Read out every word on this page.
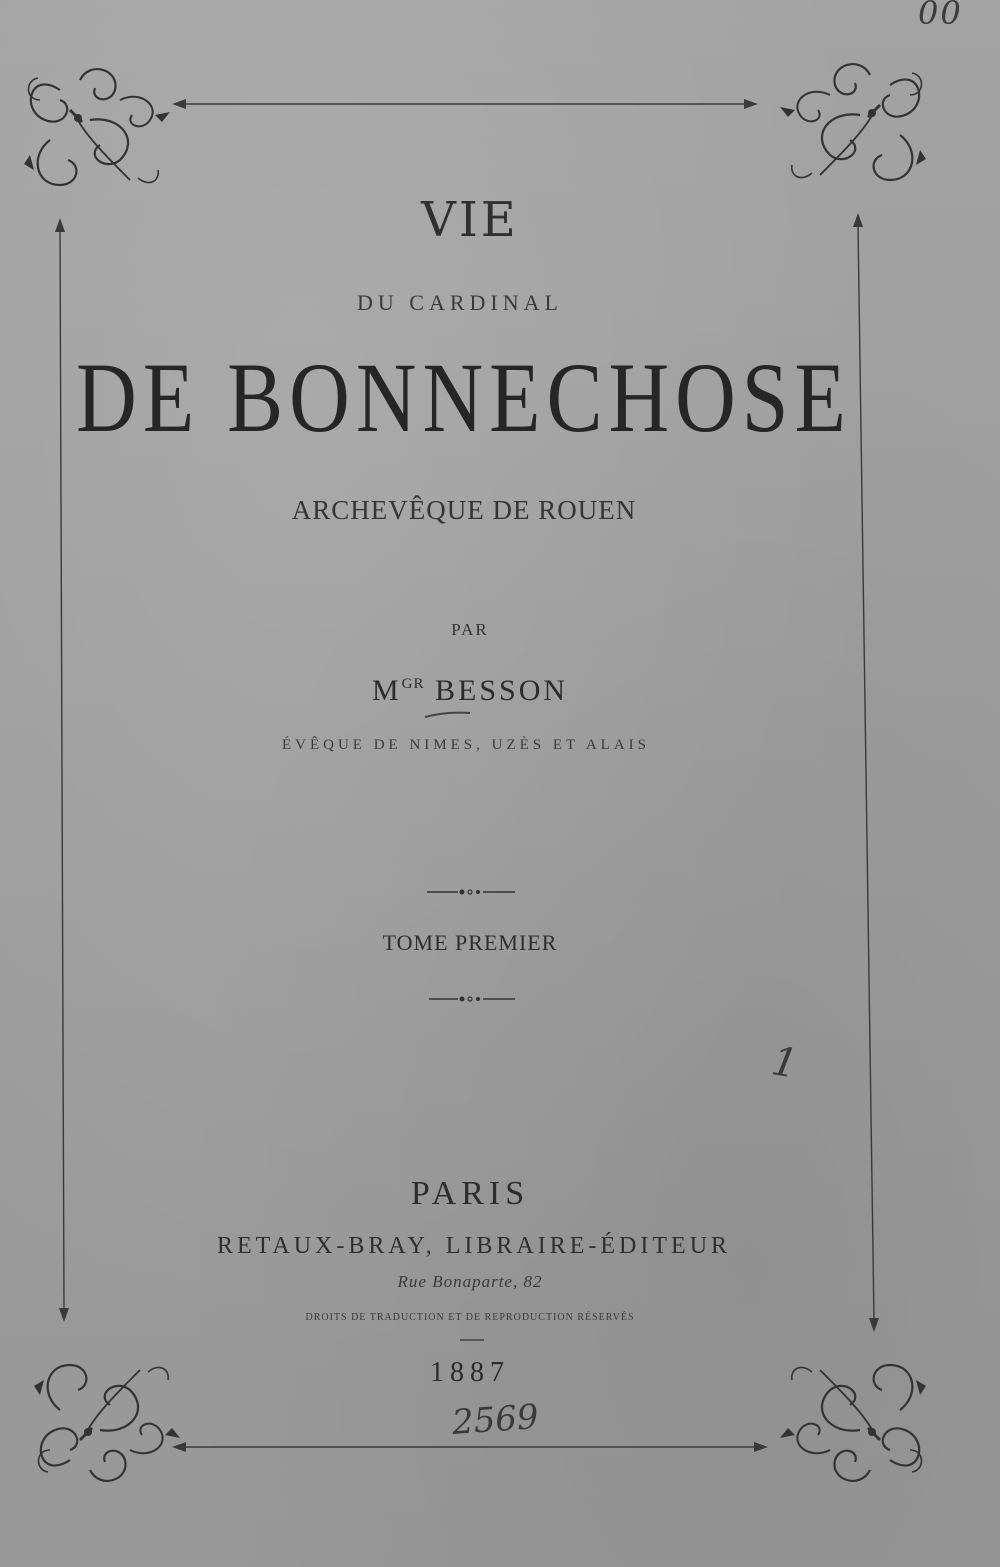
VIE
DU CARDINAL
DE BONNECHOSE
ARCHEVÊQUE DE ROUEN
PAR
$M^{GR}$ BESSON
ÉVÊQUE DE NIMES, UZÈS ET ALAIS
TOME PREMIER
PARIS
RETAUX-BRAY, LIBRAIRE-ÉDITEUR
Rue Bonaparte, 82
DROITS DE TRADUCTION ET DE REPRODUCTION RÉSERVÉS
1887
00
1
2569
